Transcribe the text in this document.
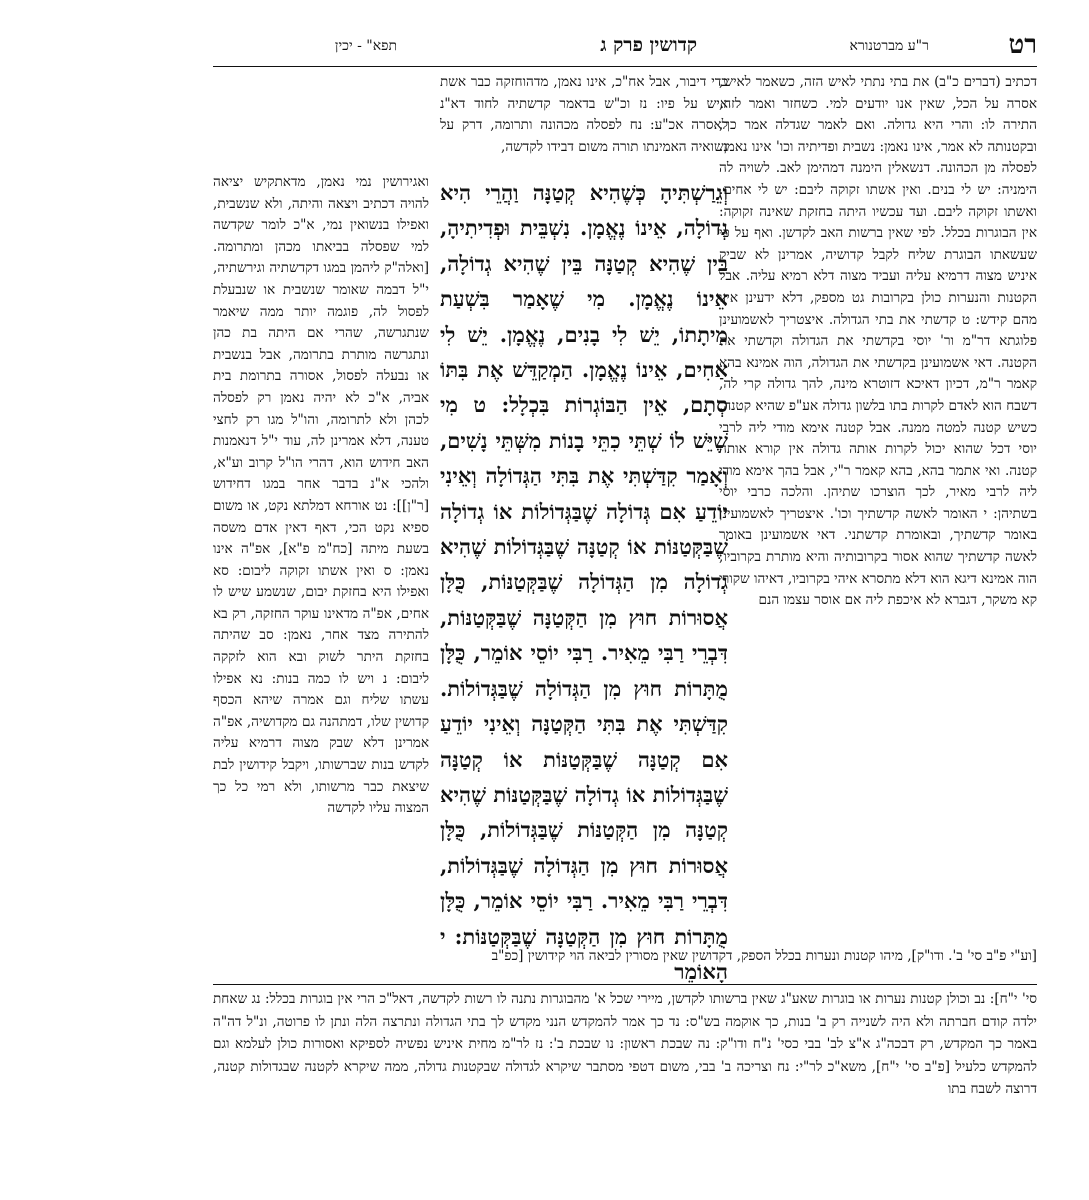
רט
ר"ע מברטנורא
קדושין פרק ג
תפא" - יכין
דכתיב (דברים כ"ב) את בתי נתתי לאיש הזה, כשאמר לאיש, אסרה על הכל, שאין אנו יודעים למי. כשחזר ואמר לזה, התירה לו: והרי היא גדולה. ואם לאמר שגדלה אמר כך, ובקטנותה לא אמר, אינו נאמן: נשבית ופדיתיה וכו' אינו נאמן. לפסלה מן הכהונה. דנשאלין הימנה דמהימן לאב. לשויה לה הימניה: יש לי בנים. ואין אשתו זקוקה ליבם: יש לי אחים. ואשתו זקוקה ליבם. ועד עכשיו היתה בחזקת שאינה זקוקה: אין הבוגרות בכלל. לפי שאין ברשות האב לקדשן. ואף על פי שעשאתו הבוגרת שליח לקבל קדושיה, אמרינן לא שביק איניש מצוה דרמיא עליה ועביד מצוה דלא רמיא עליה. אבל הקטנות והנערות כולן בקרובות גט מספק, דלא ידעינן איזו מהם קידש: ט קדשתי את בתי הגדולה. איצטריך לאשמועינן פלוגתא דר"מ ור' יוסי בקדשתי את הגדולה וקדשתי את הקטנה. דאי אשמועינן בקדשתי את הגדולה, הוה אמינא בהא קאמר ר"מ, דכיון דאיכא דזוטרא מינה, להך גדולה קרי לה, דשבח הוא לאדם לקרות בתו בלשון גדולה אע"פ שהיא קטנה, כשיש קטנה למטה ממנה. אבל קטנה אימא מודי ליה לרבי יוסי דכל שהוא יכול לקרות אותה גדולה אין קורא אותה קטנה. ואי אתמר בהא, בהא קאמר ר"י, אבל בהך אימא מודי ליה לרבי מאיר, לכך הוצרכו שתיהן. והלכה כרבי יוסי בשתיהן: י האומר לאשה קדשתיך וכו'. איצטריך לאשמועינן באומר קדשתיך, ובאומרת קדשתני. דאי אשמועינן באומר לאשה קדשתיך שהוא אסור בקרובותיה והיא מותרת בקרוביו, הוה אמינא דיגא הוא דלא מתסרא איהי בקרוביו, דאיהו שקורי קא משקר, דגברא לא איכפת ליה אם אוסר עצמו הנם
כדי דיבור, אבל אח"כ, אינו נאמן, מדהוחזקה כבר אשת איש על פיו: נז וכ"ש בדאמר קדשתיה לחוד דא"נ לאסרה אכ"ע: נח לפסלה מכהונה ותרומה, דרק על נשואיה האמינתו תורה משום דבידו לקדשה,
וְגֵרַשְׁתִּיהָ כְּשֶׁהִיא קְטַנָּה וַהֲרֵי הִיא גְדוֹלָה, אֵינוֹ נֶאֱמָן. נִשְׁבֵּית וּפְדִיתִיהָ, בֵּין שֶׁהִיא קְטַנָּה בֵּין שֶׁהִיא גְדוֹלָה, אֵינוֹ נֶאֱמָן. מִי שֶׁאָמַר בִּשְׁעַת מִיתָתוֹ, יֵשׁ לִי בָנִים, נֶאֱמָן. יֵשׁ לִי אַחִים, אֵינוֹ נֶאֱמָן. הַמְקַדֵּשׁ אֶת בִּתּוֹ סְתָם, אֵין הַבּוֹגְרוֹת בִּכְלָל: ט מִי שֶׁיֵּשׁ לוֹ שְׁתֵּי כִתֵּי בָנוֹת מִשְּׁתֵּי נָשִׁים, וְאָמַר קִדַּשְׁתִּי אֶת בִּתִּי הַגְּדוֹלָה וְאֵינִי יוֹדֵעַ אִם גְּדוֹלָה שֶׁבַּגְּדוֹלוֹת אוֹ גְדוֹלָה שֶׁבַּקְּטַנּוֹת אוֹ קְטַנָּה שֶׁבַּגְּדוֹלוֹת שֶׁהִיא גְדוֹלָה מִן הַגְּדוֹלָה שֶׁבַּקְּטַנּוֹת, כֻּלָּן אֲסוּרוֹת חוּץ מִן הַקְּטַנָּה שֶׁבַּקְּטַנּוֹת, דִּבְרֵי רַבִּי מֵאִיר. רַבִּי יוֹסֵי אוֹמֵר, כֻּלָּן מֻתָּרוֹת חוּץ מִן הַגְּדוֹלָה שֶׁבַּגְּדוֹלוֹת. קִדַּשְׁתִּי אֶת בִּתִּי הַקְּטַנָּה וְאֵינִי יוֹדֵעַ אִם קְטַנָּה שֶׁבַּקְּטַנּוֹת אוֹ קְטַנָּה שֶׁבַּגְּדוֹלוֹת אוֹ גְדוֹלָה שֶׁבַּקְּטַנּוֹת שֶׁהִיא קְטַנָּה מִן הַקְּטַנּוֹת שֶׁבַּגְּדוֹלוֹת, כֻּלָּן אֲסוּרוֹת חוּץ מִן הַגְּדוֹלָה שֶׁבַּגְּדוֹלוֹת, דִּבְרֵי רַבִּי מֵאִיר. רַבִּי יוֹסֵי אוֹמֵר, כֻּלָּן מֻתָּרוֹת חוּץ מִן הַקְּטַנָּה שֶׁבַּקְּטַנּוֹת: י הָאוֹמֵר
ואגירושין נמי נאמן, מדאתקיש יציאה להויה דכתיב ויצאה והיתה, ולא שנשבית, ואפילו בנשואין נמי, א"כ לומר שקדשה למי שפסלה בביאתו מכהן ומתרומה. [ואלה"ק ליהמן במגו דקדשתיה וגירשתיה, י"ל דבמה שאומר שנשבית או שנבעלת לפסול לה, פוגמה יותר ממה שיאמר שנתגרשה, שהרי אם היתה בת כהן ונתגרשה מותרת בתרומה, אבל בנשבית או נבעלה לפסול, אסורה בתרומת בית אביה, א"כ לא יהיה נאמן רק לפסלה לכהן ולא לתרומה, והו"ל מגו רק לחצי טענה, דלא אמרינן לה, עוד י"ל דנאמנות האב חידוש הוא, דהרי הו"ל קרוב וע"א, ולהכי א"נ בדבר אחר במגו דחידוש [ר"ן]]: נט אורחא דמלתא נקט, או משום ספיא נקט הכי, דאף דאין אדם משסה בשעת מיתה [כח"מ פ"א], אפ"ה אינו נאמן: ס ואין אשתו זקוקה ליבום: סא ואפילו היא בחזקת יבום, שנשמע שיש לו אחים, אפ"ה מדאינו עוקר החזקה, רק בא להתירה מצד אחר, נאמן: סב שהיתה בחזקת היתר לשוק ובא הוא לזקקה ליבום: נ ויש לו כמה בנות: נא אפילו עשתו שליח וגם אמרה שיהא הכסף קדושין שלו, דמתהנה גם מקדושיה, אפ"ה אמרינן דלא שבק מצוה דרמיא עליה לקדש בנות שברשותו, ויקבל קידושין לבת שיצאת כבר מרשותו, ולא רמי כל כך המצוה עליו לקדשה
[וע"י פ"ב סי' ב'. ודו"ק], מיהו קטנות ונערות בכלל הספק, דקדושין שאין מסורין לביאה הוי קידושין [כפ"ב
סי' י"ח]: נב וכולן קטנות נערות או בוגרות שאע"ג שאין ברשותו לקדשן, מיירי שכל א' מהבוגרות נתנה לו רשות לקדשה, דאל"כ הרי אין בוגרות בכלל: נג שאחת ילדה קודם חברתה ולא היה לשנייה רק ב' בנות, כך אוקמה בש"ס: נד כך אמר להמקדש הנני מקדש לך בתי הגדולה ונתרצה הלה ונתן לו פרוטה, ונ"ל דה"ה באמר כך המקדש, רק דבכה"ג א"צ לב' בבי כסי' נ"ח ודו"ק: נה שבכת ראשון: נו שבכת ב': נז לר"מ מחית איניש נפשיה לספיקא ואסורות כולן לעלמא וגם להמקדש כלעיל [פ"ב סי' י"ח], משא"כ לר"י: נח וצריכה ב' בבי, משום דטפי מסתבר שיקרא לגדולה שבקטנות גדולה, ממה שיקרא לקטנה שבגדולות קטנה, דרוצה לשבח בתו
